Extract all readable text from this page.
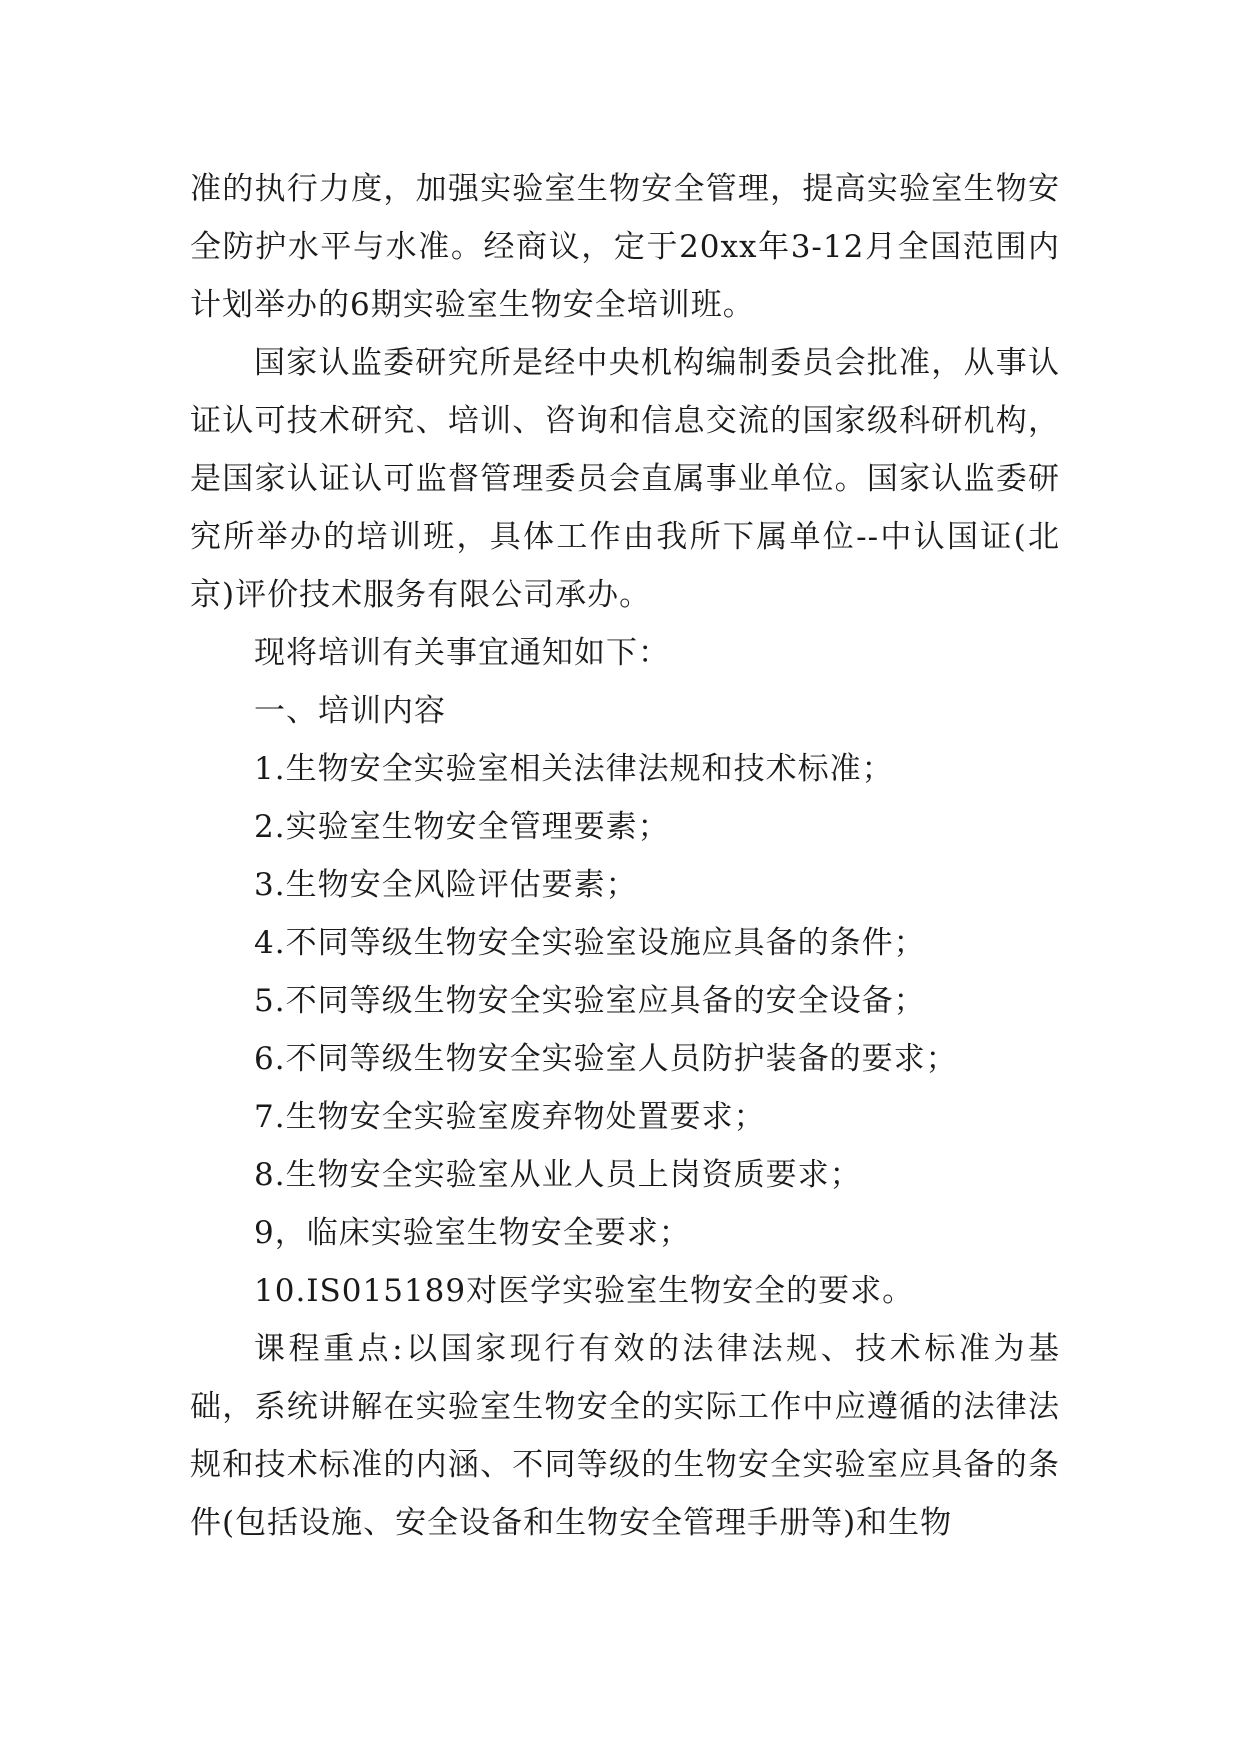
准的执行力度，加强实验室生物安全管理，提高实验室生物安全防护水平与水准。经商议，定于20xx年3-12月全国范围内计划举办的6期实验室生物安全培训班。

国家认监委研究所是经中央机构编制委员会批准，从事认证认可技术研究、培训、咨询和信息交流的国家级科研机构，是国家认证认可监督管理委员会直属事业单位。国家认监委研究所举办的培训班，具体工作由我所下属单位--中认国证(北京)评价技术服务有限公司承办。

现将培训有关事宜通知如下：

一、培训内容

1.生物安全实验室相关法律法规和技术标准；

2.实验室生物安全管理要素；

3.生物安全风险评估要素；

4.不同等级生物安全实验室设施应具备的条件；

5.不同等级生物安全实验室应具备的安全设备；

6.不同等级生物安全实验室人员防护装备的要求；

7.生物安全实验室废弃物处置要求；

8.生物安全实验室从业人员上岗资质要求；

9，临床实验室生物安全要求；

10.IS015189对医学实验室生物安全的要求。

课程重点:以国家现行有效的法律法规、技术标准为基础，系统讲解在实验室生物安全的实际工作中应遵循的法律法规和技术标准的内涵、不同等级的生物安全实验室应具备的条件(包括设施、安全设备和生物安全管理手册等)和生物
